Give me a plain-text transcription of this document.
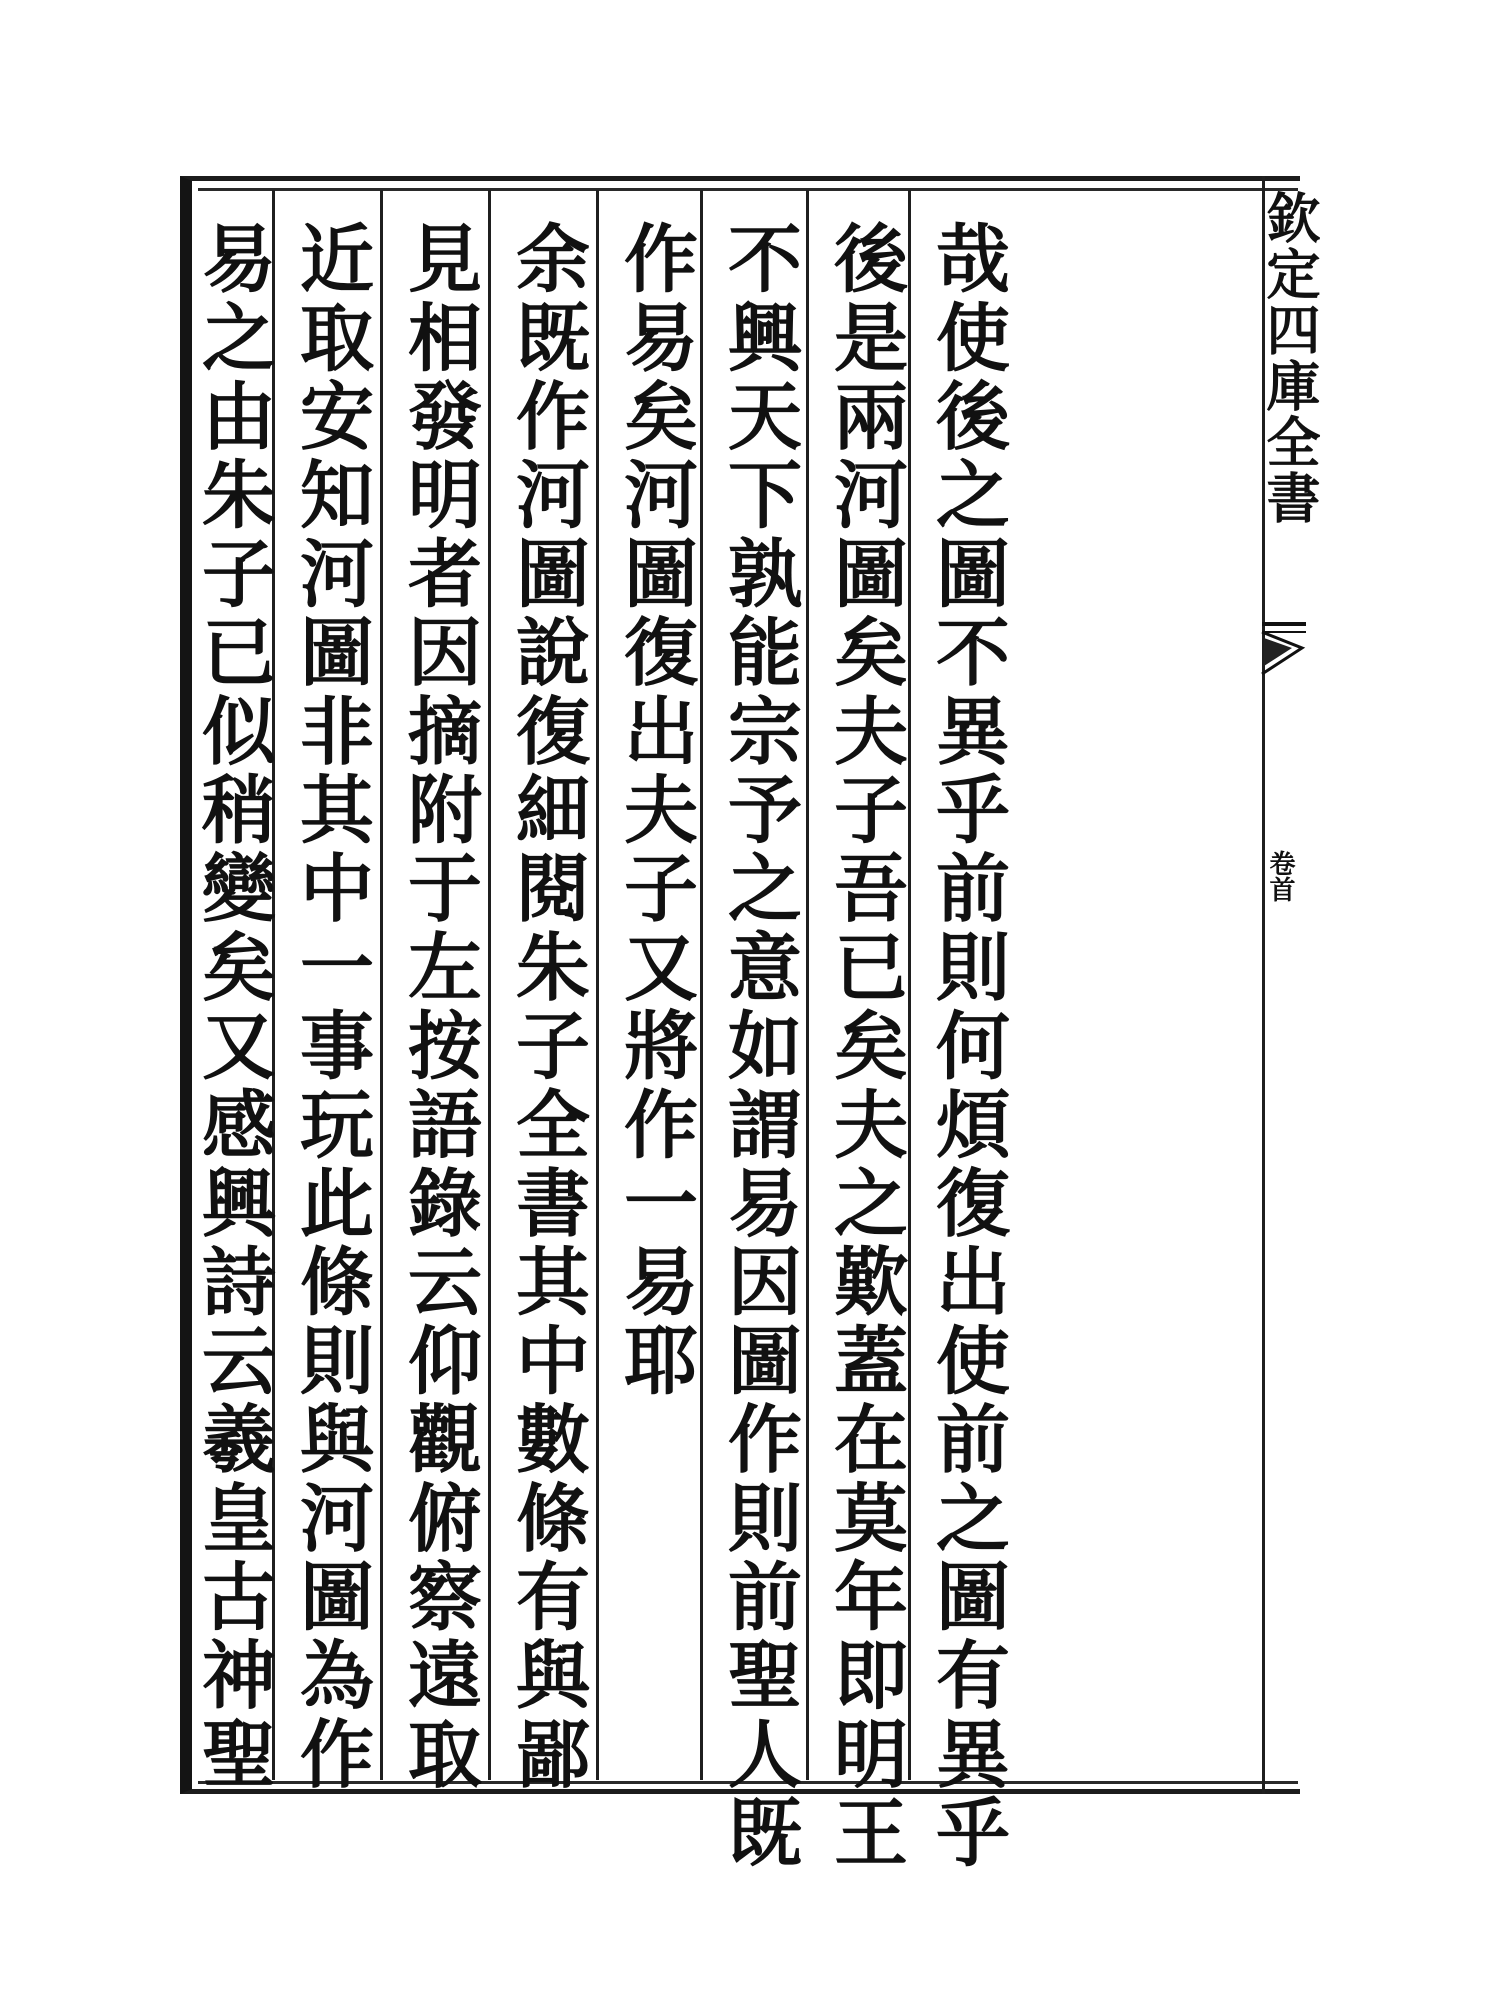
欽定四庫全書
卷首
哉使後之圖不異乎前則何煩復出使前之圖有異乎
後是兩河圖矣夫子吾已矣夫之歎蓋在莫年即明王
不興天下孰能宗予之意如謂易因圖作則前聖人既
作易矣河圖復出夫子又將作一易耶
余既作河圖說復細閱朱子全書其中數條有與鄙
見相發明者因摘附于左按語錄云仰觀俯察遠取
近取安知河圖非其中一事玩此條則與河圖為作
易之由朱子已似稍變矣又感興詩云羲皇古神聖
